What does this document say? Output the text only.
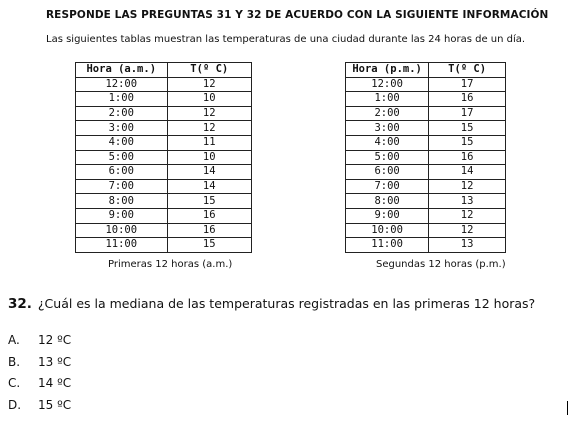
RESPONDE LAS PREGUNTAS 31 Y 32 DE ACUERDO CON LA SIGUIENTE INFORMACIÓN
Las siguientes tablas muestran las temperaturas de una ciudad durante las 24 horas de un día.
Hora (a.m.)	T(º C)
12:00	12
1:00	10
2:00	12
3:00	12
4:00	11
5:00	10
6:00	14
7:00	14
8:00	15
9:00	16
10:00	16
11:00	15
Hora (p.m.)	T(º C)
12:00	17
1:00	16
2:00	17
3:00	15
4:00	15
5:00	16
6:00	14
7:00	12
8:00	13
9:00	12
10:00	12
11:00	13
Primeras 12 horas (a.m.)	Segundas 12 horas (p.m.)
32. ¿Cuál es la mediana de las temperaturas registradas en las primeras 12 horas?
A. 12 ºC
B. 13 ºC
C. 14 ºC
D. 15 ºC
